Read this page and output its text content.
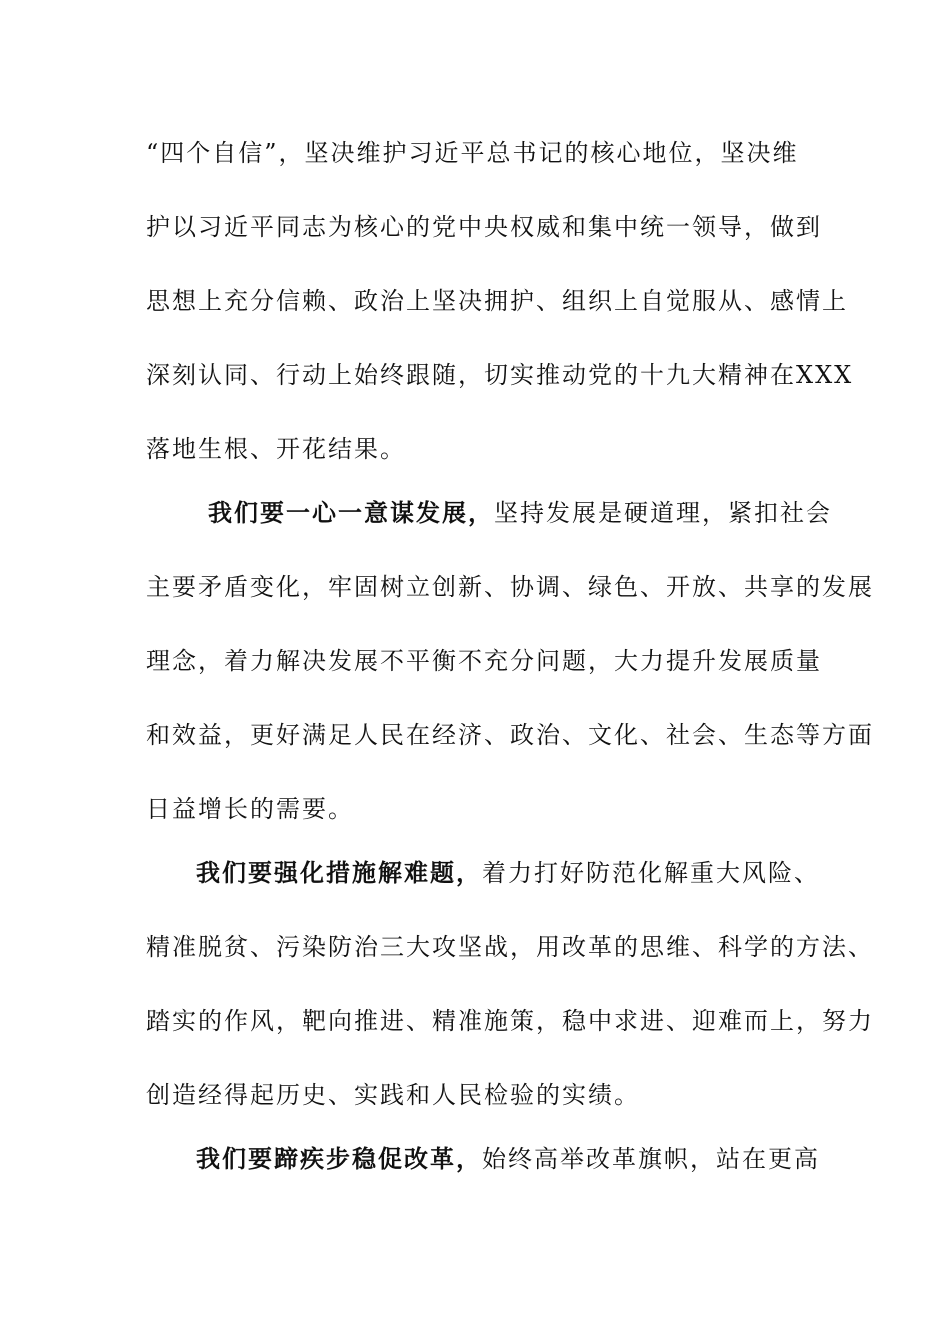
“四个自信”，坚决维护习近平总书记的核心地位，坚决维
护以习近平同志为核心的党中央权威和集中统一领导，做到
思想上充分信赖、政治上坚决拥护、组织上自觉服从、感情上
深刻认同、行动上始终跟随，切实推动党的十九大精神在XXX
落地生根、开花结果。
我们要一心一意谋发展，坚持发展是硬道理，紧扣社会
主要矛盾变化，牢固树立创新、协调、绿色、开放、共享的发展
理念，着力解决发展不平衡不充分问题，大力提升发展质量
和效益，更好满足人民在经济、政治、文化、社会、生态等方面
日益增长的需要。
我们要强化措施解难题，着力打好防范化解重大风险、
精准脱贫、污染防治三大攻坚战，用改革的思维、科学的方法、
踏实的作风，靶向推进、精准施策，稳中求进、迎难而上，努力
创造经得起历史、实践和人民检验的实绩。
我们要蹄疾步稳促改革，始终高举改革旗帜，站在更高
